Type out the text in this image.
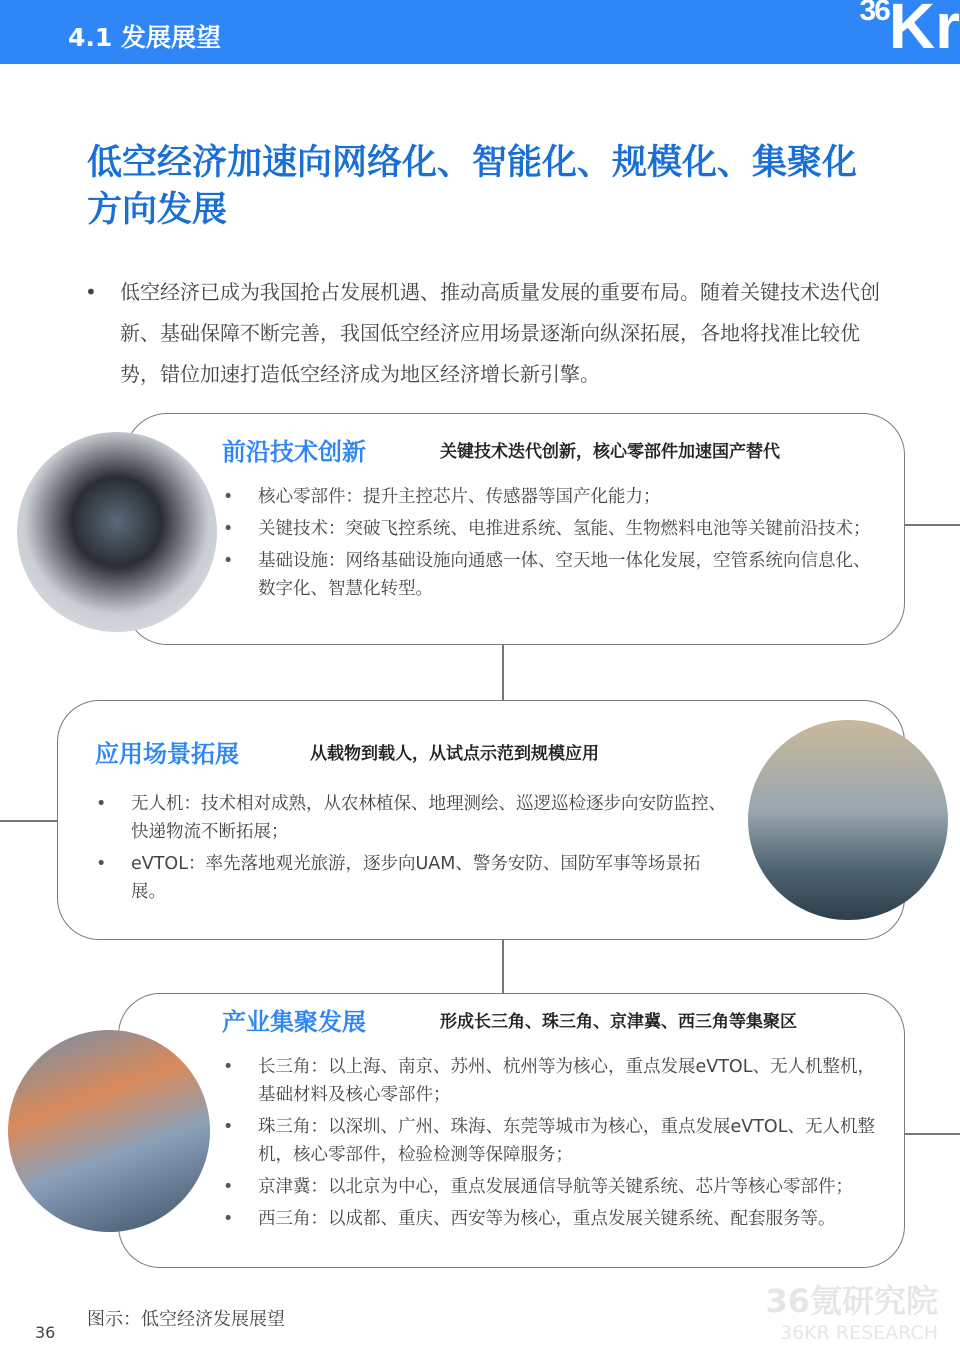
4.1 发展展望
36Kr
低空经济加速向网络化、智能化、规模化、集聚化方向发展
• 低空经济已成为我国抢占发展机遇、推动高质量发展的重要布局。随着关键技术迭代创新、基础保障不断完善，我国低空经济应用场景逐渐向纵深拓展，各地将找准比较优势，错位加速打造低空经济成为地区经济增长新引擎。
前沿技术创新	关键技术迭代创新，核心零部件加速国产替代
• 核心零部件：提升主控芯片、传感器等国产化能力；
• 关键技术：突破飞控系统、电推进系统、氢能、生物燃料电池等关键前沿技术；
• 基础设施：网络基础设施向通感一体、空天地一体化发展，空管系统向信息化、数字化、智慧化转型。
应用场景拓展	从载物到载人，从试点示范到规模应用
• 无人机：技术相对成熟，从农林植保、地理测绘、巡逻巡检逐步向安防监控、快递物流不断拓展；
• eVTOL：率先落地观光旅游，逐步向UAM、警务安防、国防军事等场景拓展。
产业集聚发展	形成长三角、珠三角、京津冀、西三角等集聚区
• 长三角：以上海、南京、苏州、杭州等为核心，重点发展eVTOL、无人机整机，基础材料及核心零部件；
• 珠三角：以深圳、广州、珠海、东莞等城市为核心，重点发展eVTOL、无人机整机，核心零部件，检验检测等保障服务；
• 京津冀：以北京为中心，重点发展通信导航等关键系统、芯片等核心零部件；
• 西三角：以成都、重庆、西安等为核心，重点发展关键系统、配套服务等。
图示：低空经济发展展望
36
36氪研究院
36KR RESEARCH
